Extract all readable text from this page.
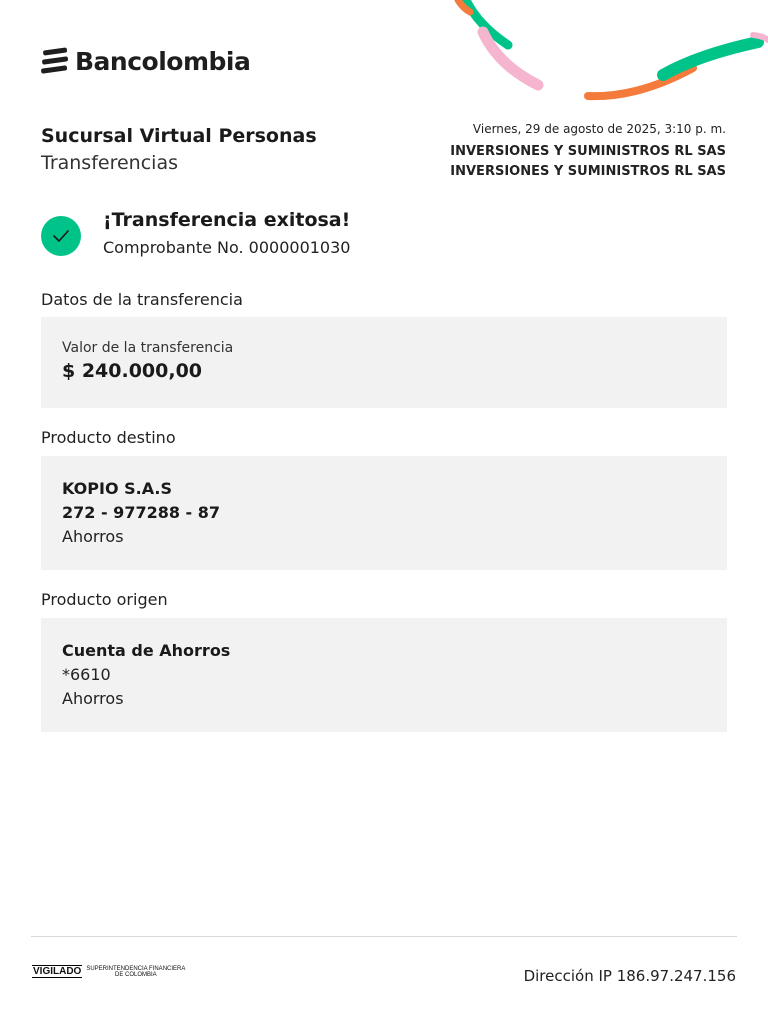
Bancolombia
Sucursal Virtual Personas
Transferencias
Viernes, 29 de agosto de 2025, 3:10 p. m.
INVERSIONES Y SUMINISTROS RL SAS
INVERSIONES Y SUMINISTROS RL SAS
¡Transferencia exitosa!
Comprobante No. 0000001030
Datos de la transferencia
Valor de la transferencia
$ 240.000,00
Producto destino
KOPIO S.A.S
272 - 977288 - 87
Ahorros
Producto origen
Cuenta de Ahorros
*6610
Ahorros
VIGILADO SUPERINTENDENCIA FINANCIERA
DE COLOMBIA	Dirección IP 186.97.247.156
